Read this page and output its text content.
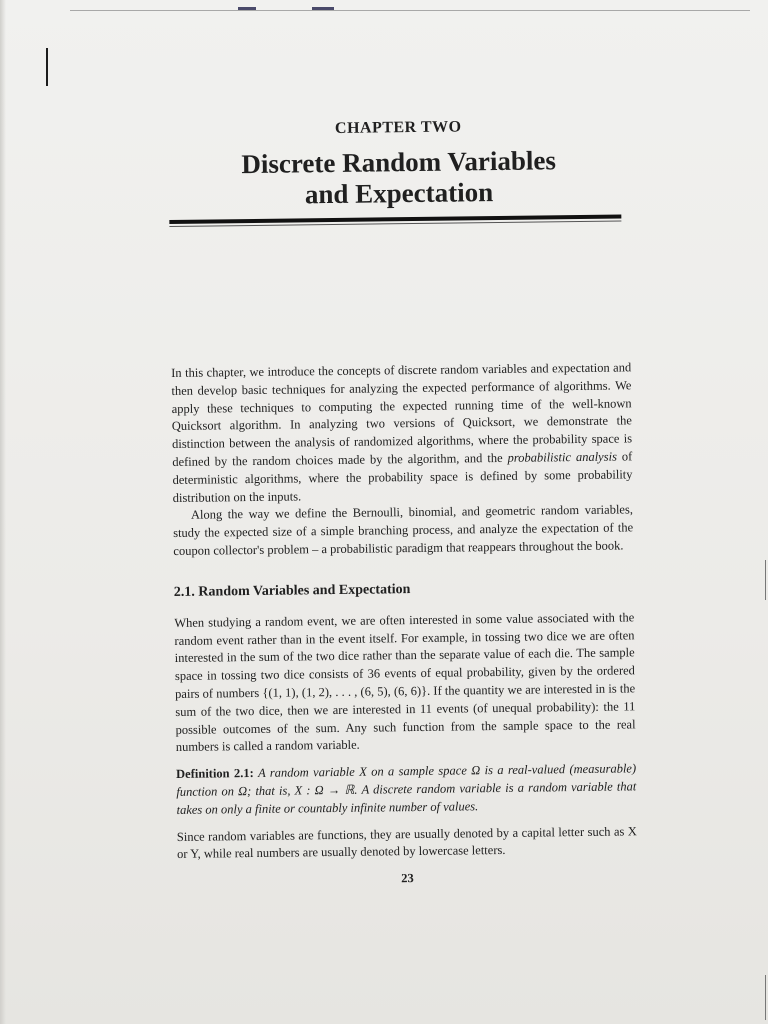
CHAPTER TWO
Discrete Random Variables
and Expectation

In this chapter, we introduce the concepts of discrete random variables and expectation and then develop basic techniques for analyzing the expected performance of algorithms. We apply these techniques to computing the expected running time of the well-known Quicksort algorithm. In analyzing two versions of Quicksort, we demonstrate the distinction between the analysis of randomized algorithms, where the probability space is defined by the random choices made by the algorithm, and the probabilistic analysis of deterministic algorithms, where the probability space is defined by some probability distribution on the inputs.

Along the way we define the Bernoulli, binomial, and geometric random variables, study the expected size of a simple branching process, and analyze the expectation of the coupon collector's problem – a probabilistic paradigm that reappears throughout the book.

2.1. Random Variables and Expectation

When studying a random event, we are often interested in some value associated with the random event rather than in the event itself. For example, in tossing two dice we are often interested in the sum of the two dice rather than the separate value of each die. The sample space in tossing two dice consists of 36 events of equal probability, given by the ordered pairs of numbers {(1, 1), (1, 2), . . . , (6, 5), (6, 6)}. If the quantity we are interested in is the sum of the two dice, then we are interested in 11 events (of unequal probability): the 11 possible outcomes of the sum. Any such function from the sample space to the real numbers is called a random variable.

Definition 2.1: A random variable X on a sample space Ω is a real-valued (measurable) function on Ω; that is, X : Ω → ℝ. A discrete random variable is a random variable that takes on only a finite or countably infinite number of values.

Since random variables are functions, they are usually denoted by a capital letter such as X or Y, while real numbers are usually denoted by lowercase letters.

23
